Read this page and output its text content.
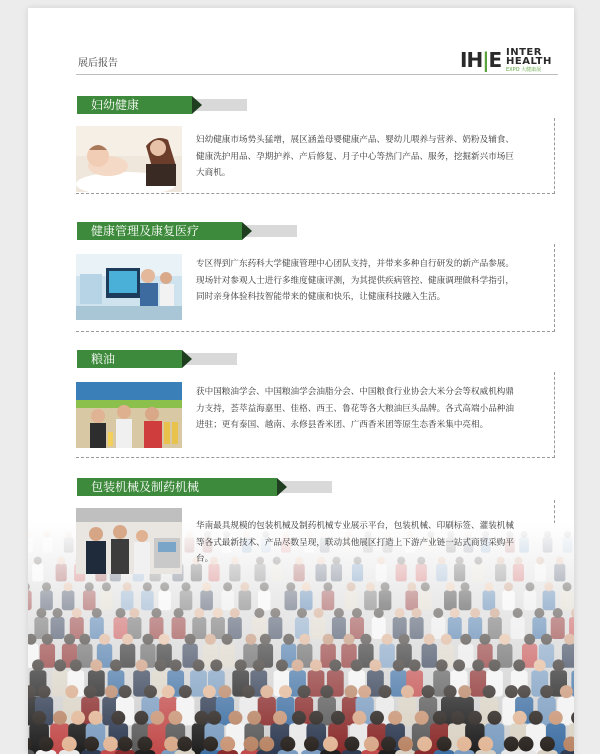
展后报告	IH|E INTER
HEALTH
EXPO 大健康展
妇幼健康
妇幼健康市场势头猛增，展区涵盖母婴健康产品、婴幼儿喂养与营养、奶粉及辅食、健康洗护用品、孕期护养、产后修复、月子中心等热门产品、服务，挖掘新兴市场巨大商机。
健康管理及康复医疗
专区得到广东药科大学健康管理中心团队支持，并带来多种自行研发的新产品参展。现场针对参观人士进行多维度健康评测，为其提供疾病管控、健康调理做科学指引，同时亲身体验科技智能带来的健康和快乐，让健康科技融入生活。
粮油
获中国粮油学会、中国粮油学会油脂分会、中国粮食行业协会大米分会等权威机构鼎力支持，荟萃益海嘉里、佳格、西王、鲁花等各大粮油巨头品牌。各式高端小品种油进驻；更有泰国、越南、永修县香米团、广西香米团等原生态香米集中亮相。
包装机械及制药机械
华南最具规模的包装机械及制药机械专业展示平台，包装机械、印刷标签、灌装机械等各式最新技术、产品尽数呈现，联动其他展区打造上下游产业链一站式商贸采购平台。
